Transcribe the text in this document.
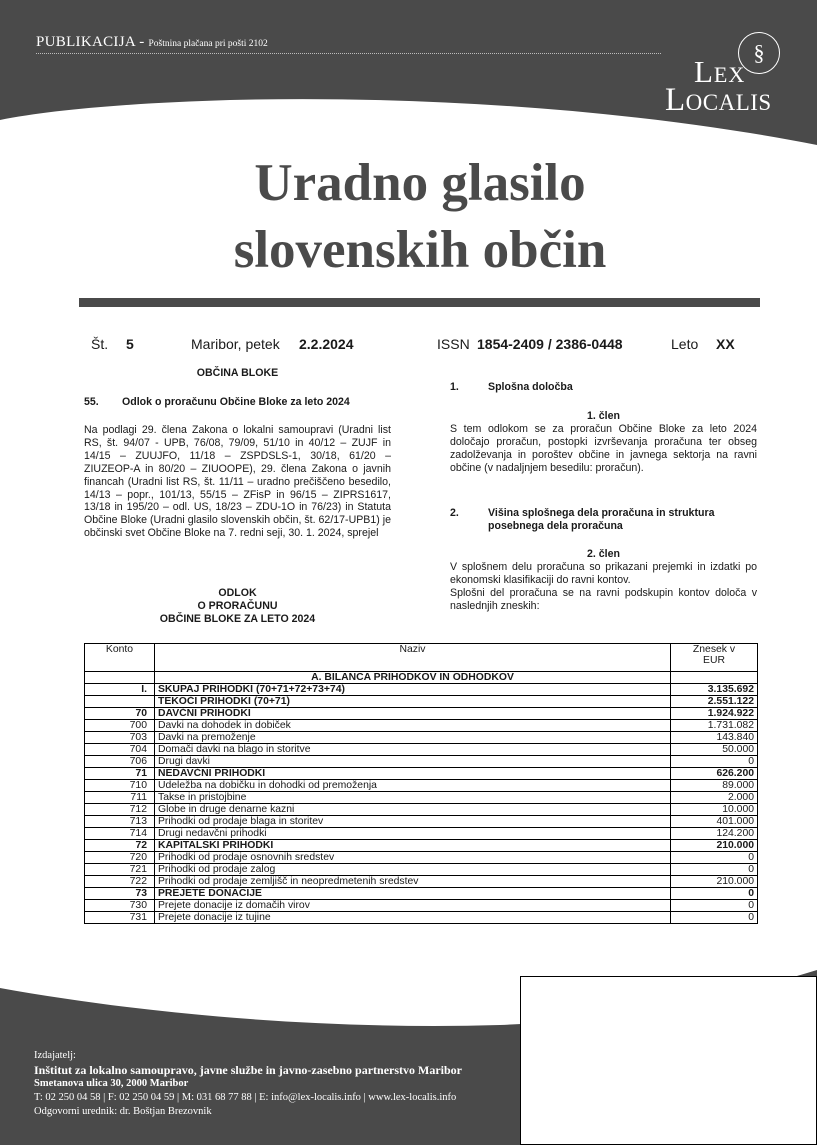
PUBLIKACIJA - Poštnina plačana pri pošti 2102	§
Lex
Localis
Uradno glasilo
slovenskih občin
Št. 5	Maribor, petek 2.2.2024	ISSN 1854-2409 / 2386-0448	Leto XX
OBČINA BLOKE
55. Odlok o proračunu Občine Bloke za leto 2024
Na podlagi 29. člena Zakona o lokalni samoupravi (Uradni list RS, št. 94/07 - UPB, 76/08, 79/09, 51/10 in 40/12 – ZUJF in 14/15 – ZUUJFO, 11/18 – ZSPDSLS-1, 30/18, 61/20 – ZIUZEOP-A in 80/20 – ZIUOOPE), 29. člena Zakona o javnih financah (Uradni list RS, št. 11/11 – uradno prečiščeno besedilo, 14/13 – popr., 101/13, 55/15 – ZFisP in 96/15 – ZIPRS1617, 13/18 in 195/20 – odl. US, 18/23 – ZDU-1O in 76/23) in Statuta Občine Bloke (Uradni glasilo slovenskih občin, št. 62/17-UPB1) je občinski svet Občine Bloke na 7. redni seji, 30. 1. 2024, sprejel
ODLOK
O PRORAČUNU
OBČINE BLOKE ZA LETO 2024
1.	Splošna določba
1. člen
S tem odlokom se za proračun Občine Bloke za leto 2024 določajo proračun, postopki izvrševanja proračuna ter obseg zadolževanja in poroštev občine in javnega sektorja na ravni občine (v nadaljnjem besedilu: proračun).
2.	Višina splošnega dela proračuna in struktura posebnega dela proračuna
2. člen
V splošnem delu proračuna so prikazani prejemki in izdatki po ekonomski klasifikaciji do ravni kontov.
Splošni del proračuna se na ravni podskupin kontov določa v naslednjih zneskih:
Konto	Naziv	Znesek v EUR
	A. BILANCA PRIHODKOV IN ODHODKOV	
I.	SKUPAJ PRIHODKI (70+71+72+73+74)	3.135.692
	TEKOČI PRIHODKI (70+71)	2.551.122
70	DAVČNI PRIHODKI	1.924.922
700	Davki na dohodek in dobiček	1.731.082
703	Davki na premoženje	143.840
704	Domači davki na blago in storitve	50.000
706	Drugi davki	0
71	NEDAVČNI PRIHODKI	626.200
710	Udeležba na dobičku in dohodki od premoženja	89.000
711	Takse in pristojbine	2.000
712	Globe in druge denarne kazni	10.000
713	Prihodki od prodaje blaga in storitev	401.000
714	Drugi nedavčni prihodki	124.200
72	KAPITALSKI PRIHODKI	210.000
720	Prihodki od prodaje osnovnih sredstev	0
721	Prihodki od prodaje zalog	0
722	Prihodki od prodaje zemljišč in neopredmetenih sredstev	210.000
73	PREJETE DONACIJE	0
730	Prejete donacije iz domačih virov	0
731	Prejete donacije iz tujine	0
Izdajatelj:
Inštitut za lokalno samoupravo, javne službe in javno-zasebno partnerstvo Maribor
Smetanova ulica 30, 2000 Maribor
T: 02 250 04 58 | F: 02 250 04 59 | M: 031 68 77 88 | E: info@lex-localis.info | www.lex-localis.info
Odgovorni urednik: dr. Boštjan Brezovnik
